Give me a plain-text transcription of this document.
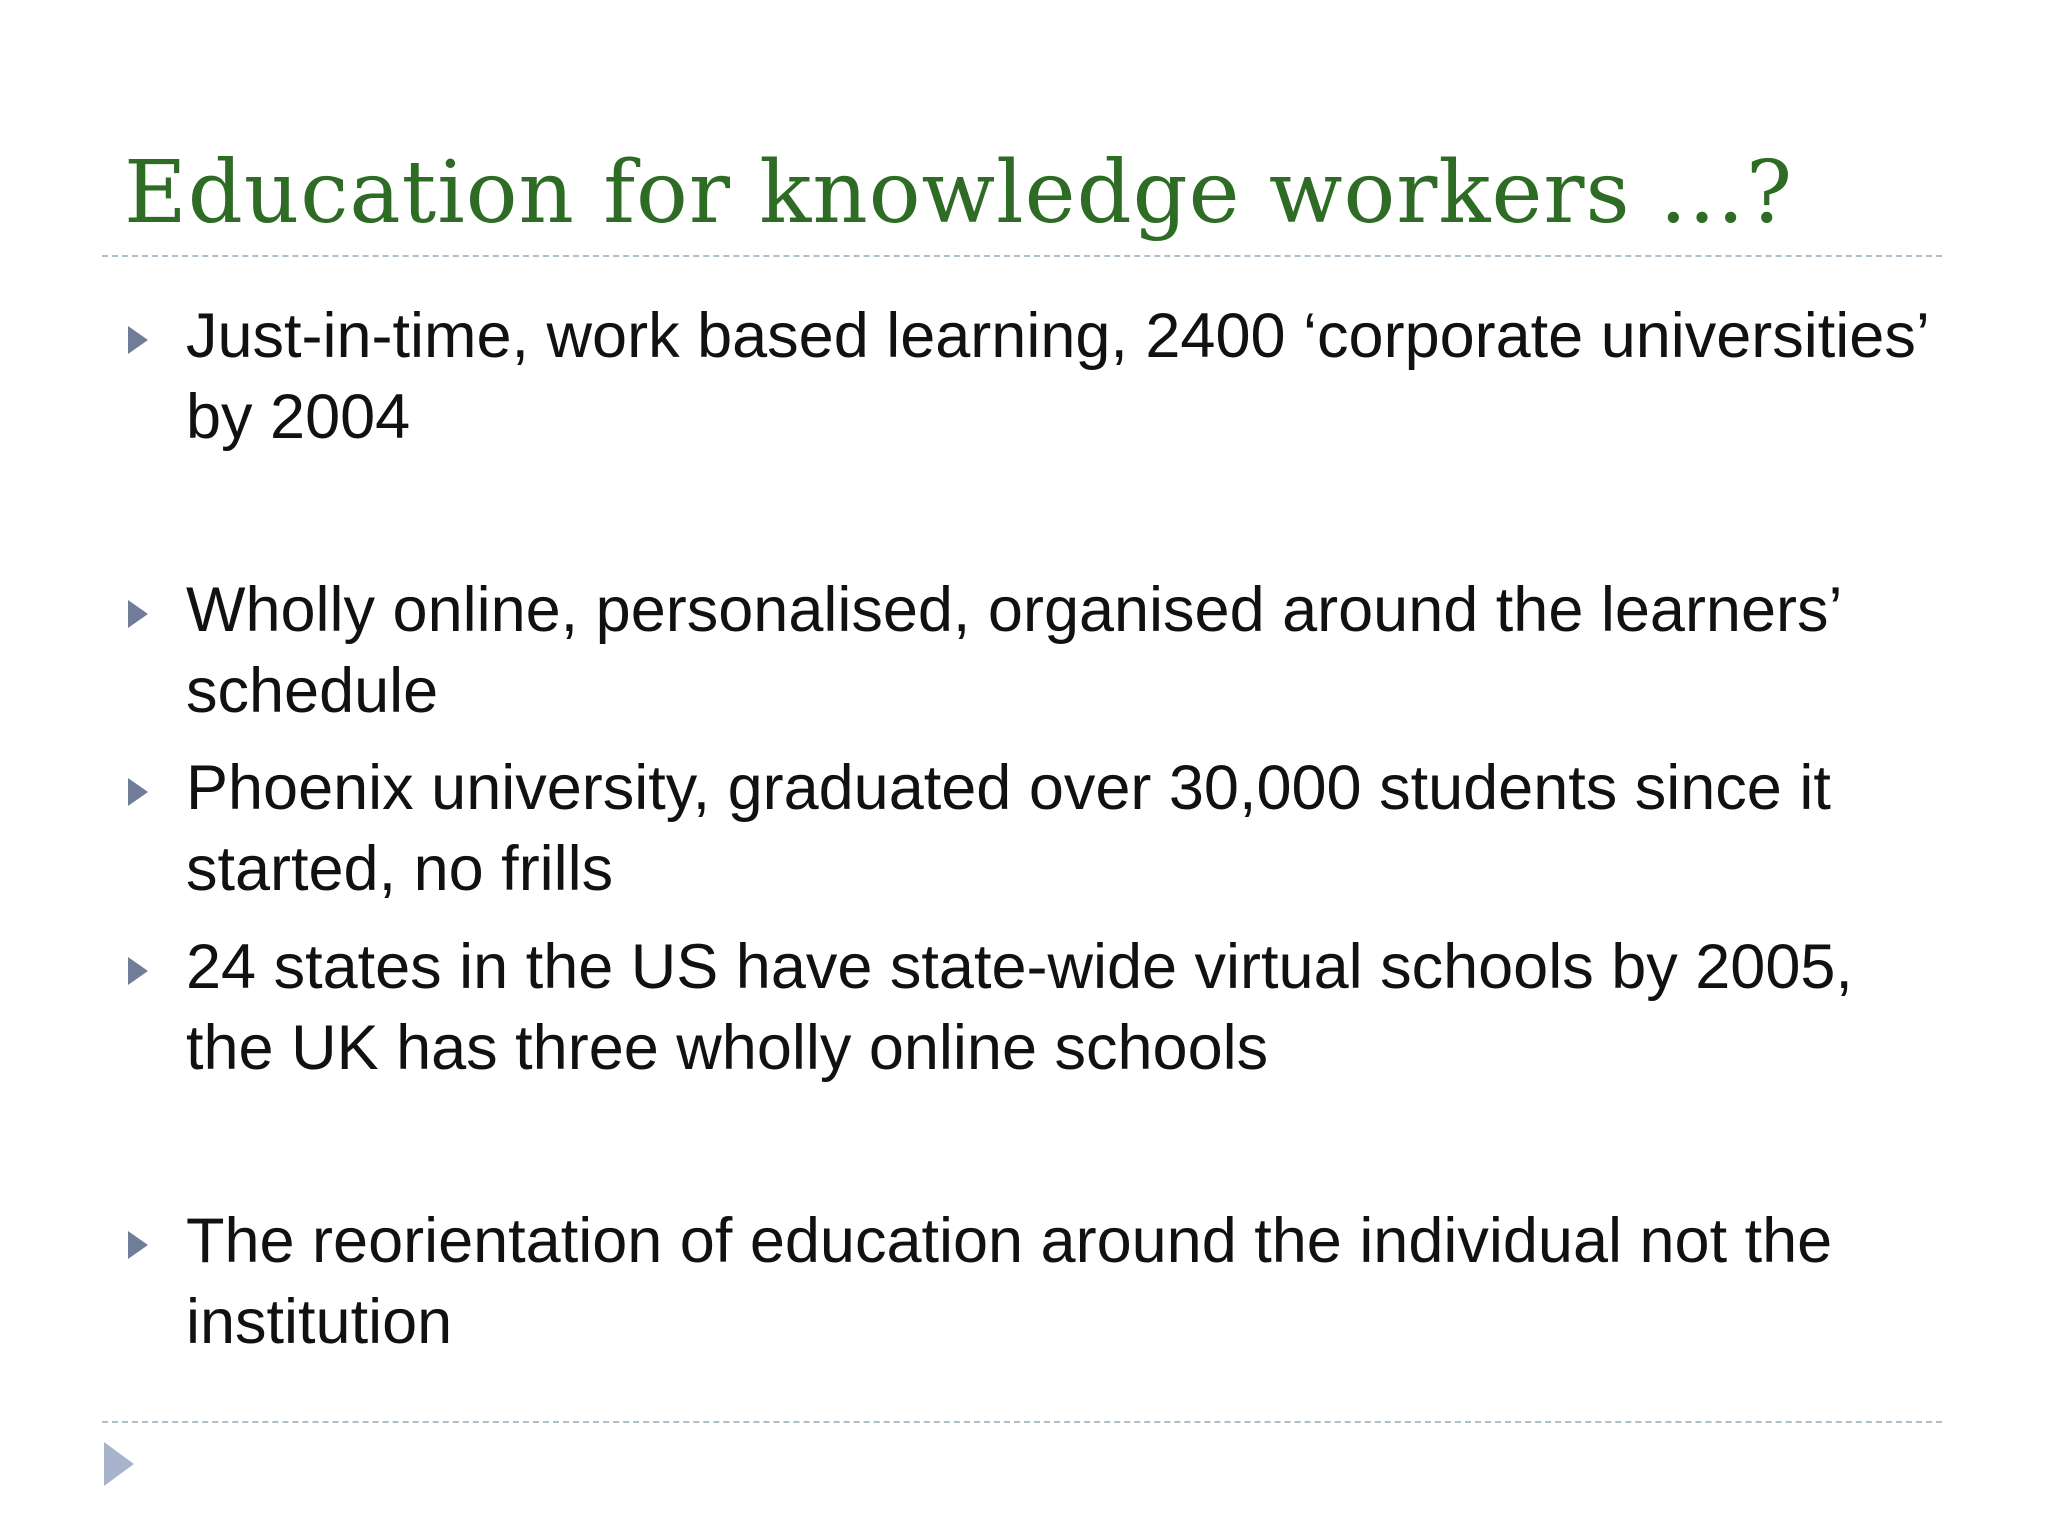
Education for knowledge workers …?
Just-in-time, work based learning, 2400 ‘corporate universities’ by 2004
Wholly online, personalised, organised around the learners’ schedule
Phoenix university, graduated over 30,000 students since it started, no frills
24 states in the US have state-wide virtual schools by 2005, the UK has three wholly online schools
The reorientation of education around the individual not the institution
